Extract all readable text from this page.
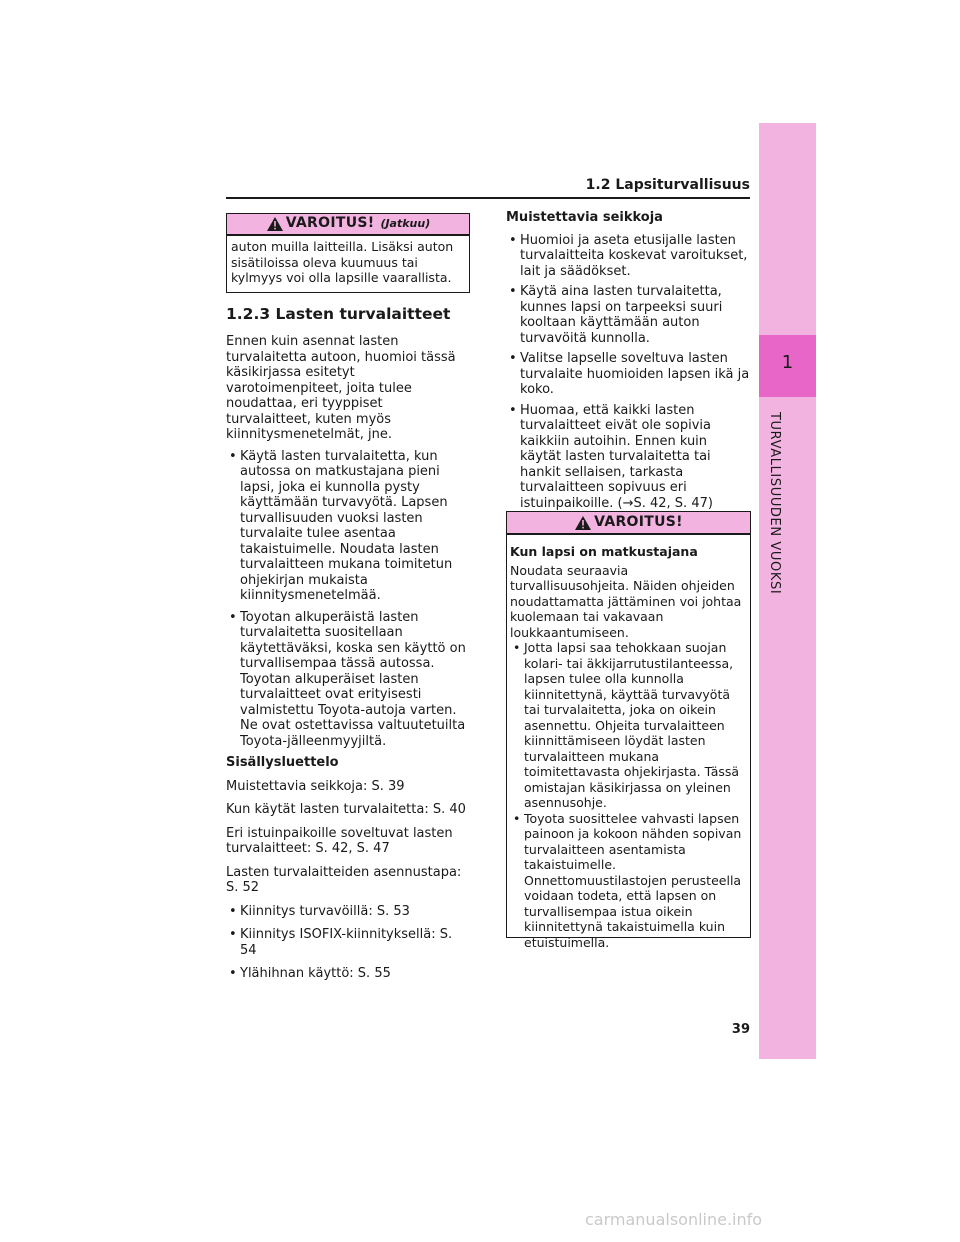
1.2 Lapsiturvallisuus
1
TURVALLISUUDEN VUOKSI
VAROITUS! (Jatkuu)
auton muilla laitteilla. Lisäksi auton sisätiloissa oleva kuumuus tai kylmyys voi olla lapsille vaarallista.
1.2.3 Lasten turvalaitteet

Ennen kuin asennat lasten turvalaitetta autoon, huomioi tässä käsikirjassa esitetyt varotoimenpiteet, joita tulee noudattaa, eri tyyppiset turvalaitteet, kuten myös kiinnitysmenetelmät, jne.

• Käytä lasten turvalaitetta, kun autossa on matkustajana pieni lapsi, joka ei kunnolla pysty käyttämään turvavyötä. Lapsen turvallisuuden vuoksi lasten turvalaite tulee asentaa takaistuimelle. Noudata lasten turvalaitteen mukana toimitetun ohjekirjan mukaista kiinnitysmenetelmää.
• Toyotan alkuperäistä lasten turvalaitetta suositellaan käytettäväksi, koska sen käyttö on turvallisempaa tässä autossa. Toyotan alkuperäiset lasten turvalaitteet ovat erityisesti valmistettu Toyota-autoja varten. Ne ovat ostettavissa valtuutetuilta Toyota-jälleenmyyjiltä.

Sisällysluettelo

Muistettavia seikkoja: S. 39

Kun käytät lasten turvalaitetta: S. 40

Eri istuinpaikoille soveltuvat lasten turvalaitteet: S. 42, S. 47

Lasten turvalaitteiden asennustapa: S. 52

• Kiinnitys turvavöillä: S. 53
• Kiinnitys ISOFIX-kiinnityksellä: S. 54
• Ylähihnan käyttö: S. 55

Muistettavia seikkoja

• Huomioi ja aseta etusijalle lasten turvalaitteita koskevat varoitukset, lait ja säädökset.
• Käytä aina lasten turvalaitetta, kunnes lapsi on tarpeeksi suuri kooltaan käyttämään auton turvavöitä kunnolla.
• Valitse lapselle soveltuva lasten turvalaite huomioiden lapsen ikä ja koko.
• Huomaa, että kaikki lasten turvalaitteet eivät ole sopivia kaikkiin autoihin. Ennen kuin käytät lasten turvalaitetta tai hankit sellaisen, tarkasta turvalaitteen sopivuus eri istuinpaikoille. (→S. 42, S. 47)
VAROITUS!

Kun lapsi on matkustajana

Noudata seuraavia turvallisuusohjeita. Näiden ohjeiden noudattamatta jättäminen voi johtaa kuolemaan tai vakavaan loukkaantumiseen.

• Jotta lapsi saa tehokkaan suojan kolari- tai äkkijarrutustilanteessa, lapsen tulee olla kunnolla kiinnitettynä, käyttää turvavyötä tai turvalaitetta, joka on oikein asennettu. Ohjeita turvalaitteen kiinnittämiseen löydät lasten turvalaitteen mukana toimitettavasta ohjekirjasta. Tässä omistajan käsikirjassa on yleinen asennusohje.
• Toyota suosittelee vahvasti lapsen painoon ja kokoon nähden sopivan turvalaitteen asentamista takaistuimelle. Onnettomuustilastojen perusteella voidaan todeta, että lapsen on turvallisempaa istua oikein kiinnitettynä takaistuimella kuin etuistuimella.
39
carmanualsonline.info
